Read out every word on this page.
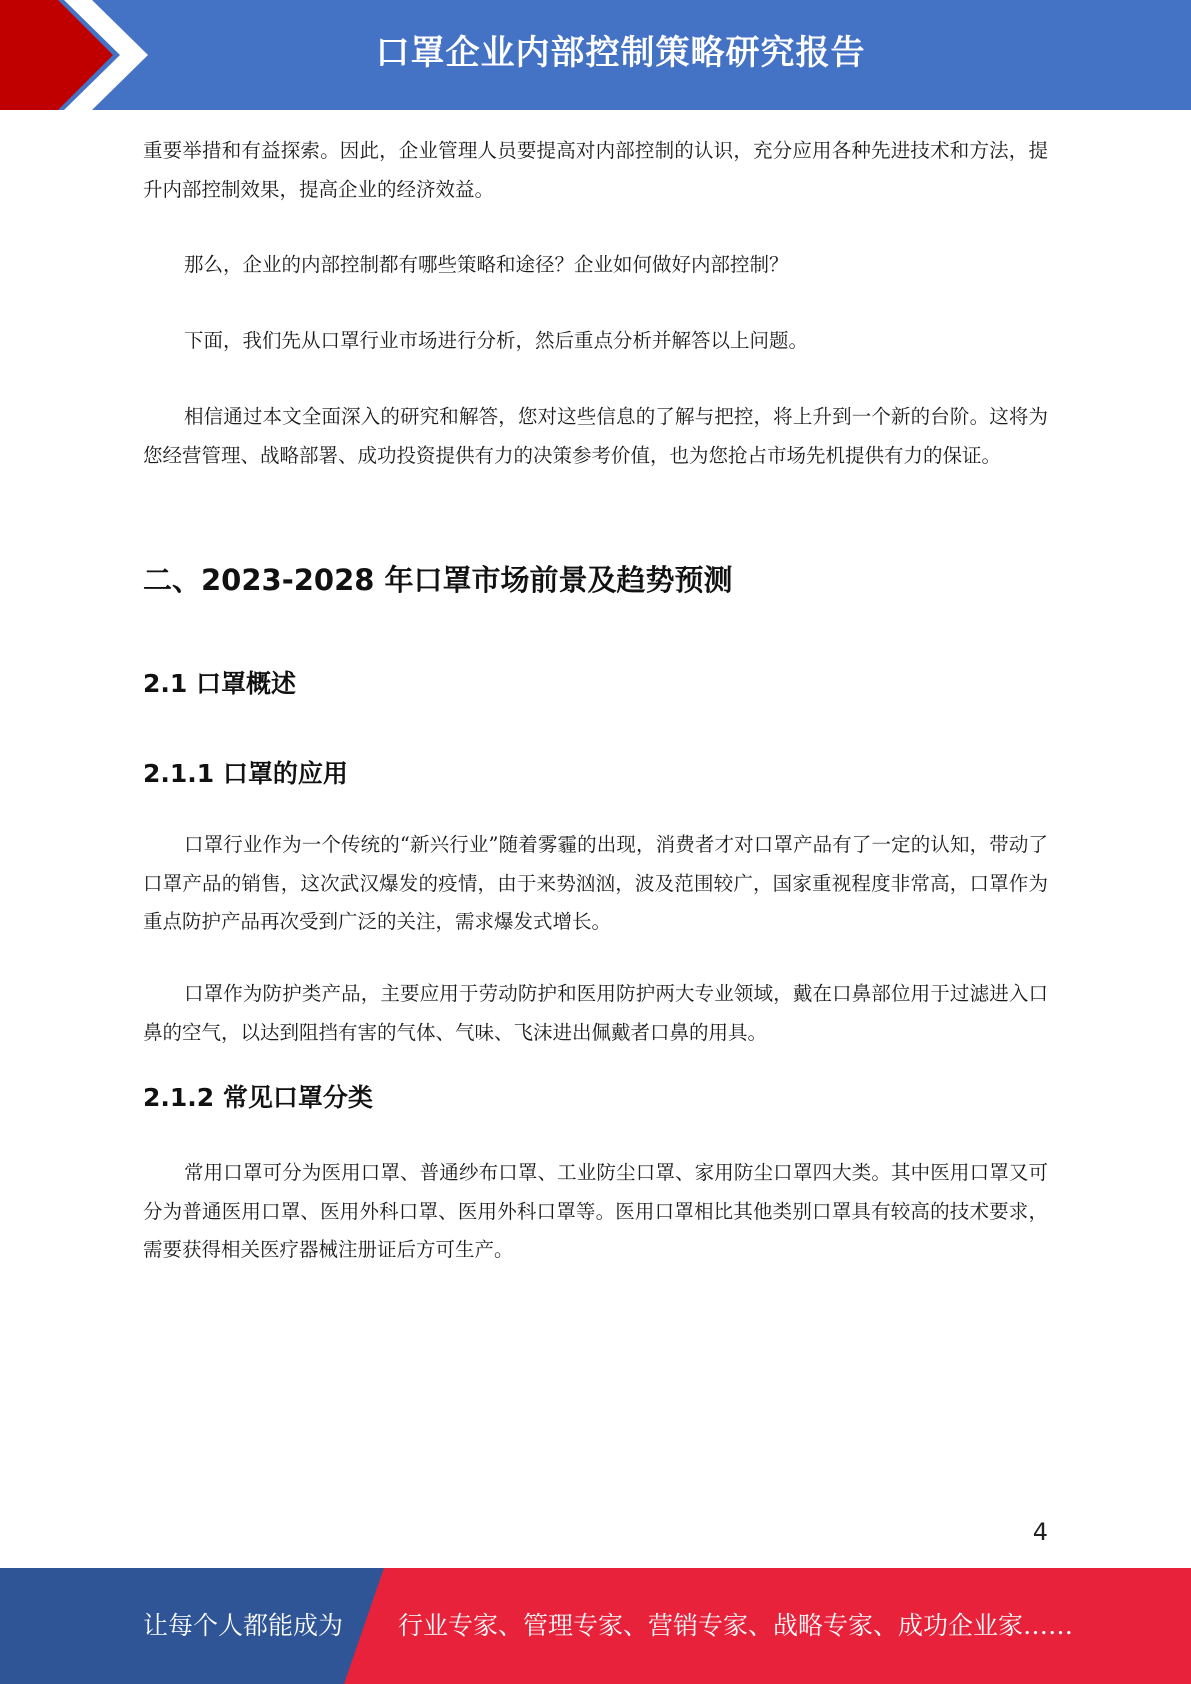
口罩企业内部控制策略研究报告

重要举措和有益探索。因此，企业管理人员要提高对内部控制的认识，充分应用各种先进技术和方法，提升内部控制效果，提高企业的经济效益。

那么，企业的内部控制都有哪些策略和途径？企业如何做好内部控制？

下面，我们先从口罩行业市场进行分析，然后重点分析并解答以上问题。

相信通过本文全面深入的研究和解答，您对这些信息的了解与把控，将上升到一个新的台阶。这将为您经营管理、战略部署、成功投资提供有力的决策参考价值，也为您抢占市场先机提供有力的保证。

二、2023-2028 年口罩市场前景及趋势预测
2.1 口罩概述
2.1.1 口罩的应用

口罩行业作为一个传统的“新兴行业”随着雾霾的出现，消费者才对口罩产品有了一定的认知，带动了口罩产品的销售，这次武汉爆发的疫情，由于来势汹汹，波及范围较广，国家重视程度非常高，口罩作为重点防护产品再次受到广泛的关注，需求爆发式增长。

口罩作为防护类产品，主要应用于劳动防护和医用防护两大专业领域，戴在口鼻部位用于过滤进入口鼻的空气，以达到阻挡有害的气体、气味、飞沫进出佩戴者口鼻的用具。

2.1.2 常见口罩分类

常用口罩可分为医用口罩、普通纱布口罩、工业防尘口罩、家用防尘口罩四大类。其中医用口罩又可分为普通医用口罩、医用外科口罩、医用外科口罩等。医用口罩相比其他类别口罩具有较高的技术要求，需要获得相关医疗器械注册证后方可生产。

4
让每个人都能成为 行业专家、管理专家、营销专家、战略专家、成功企业家……
